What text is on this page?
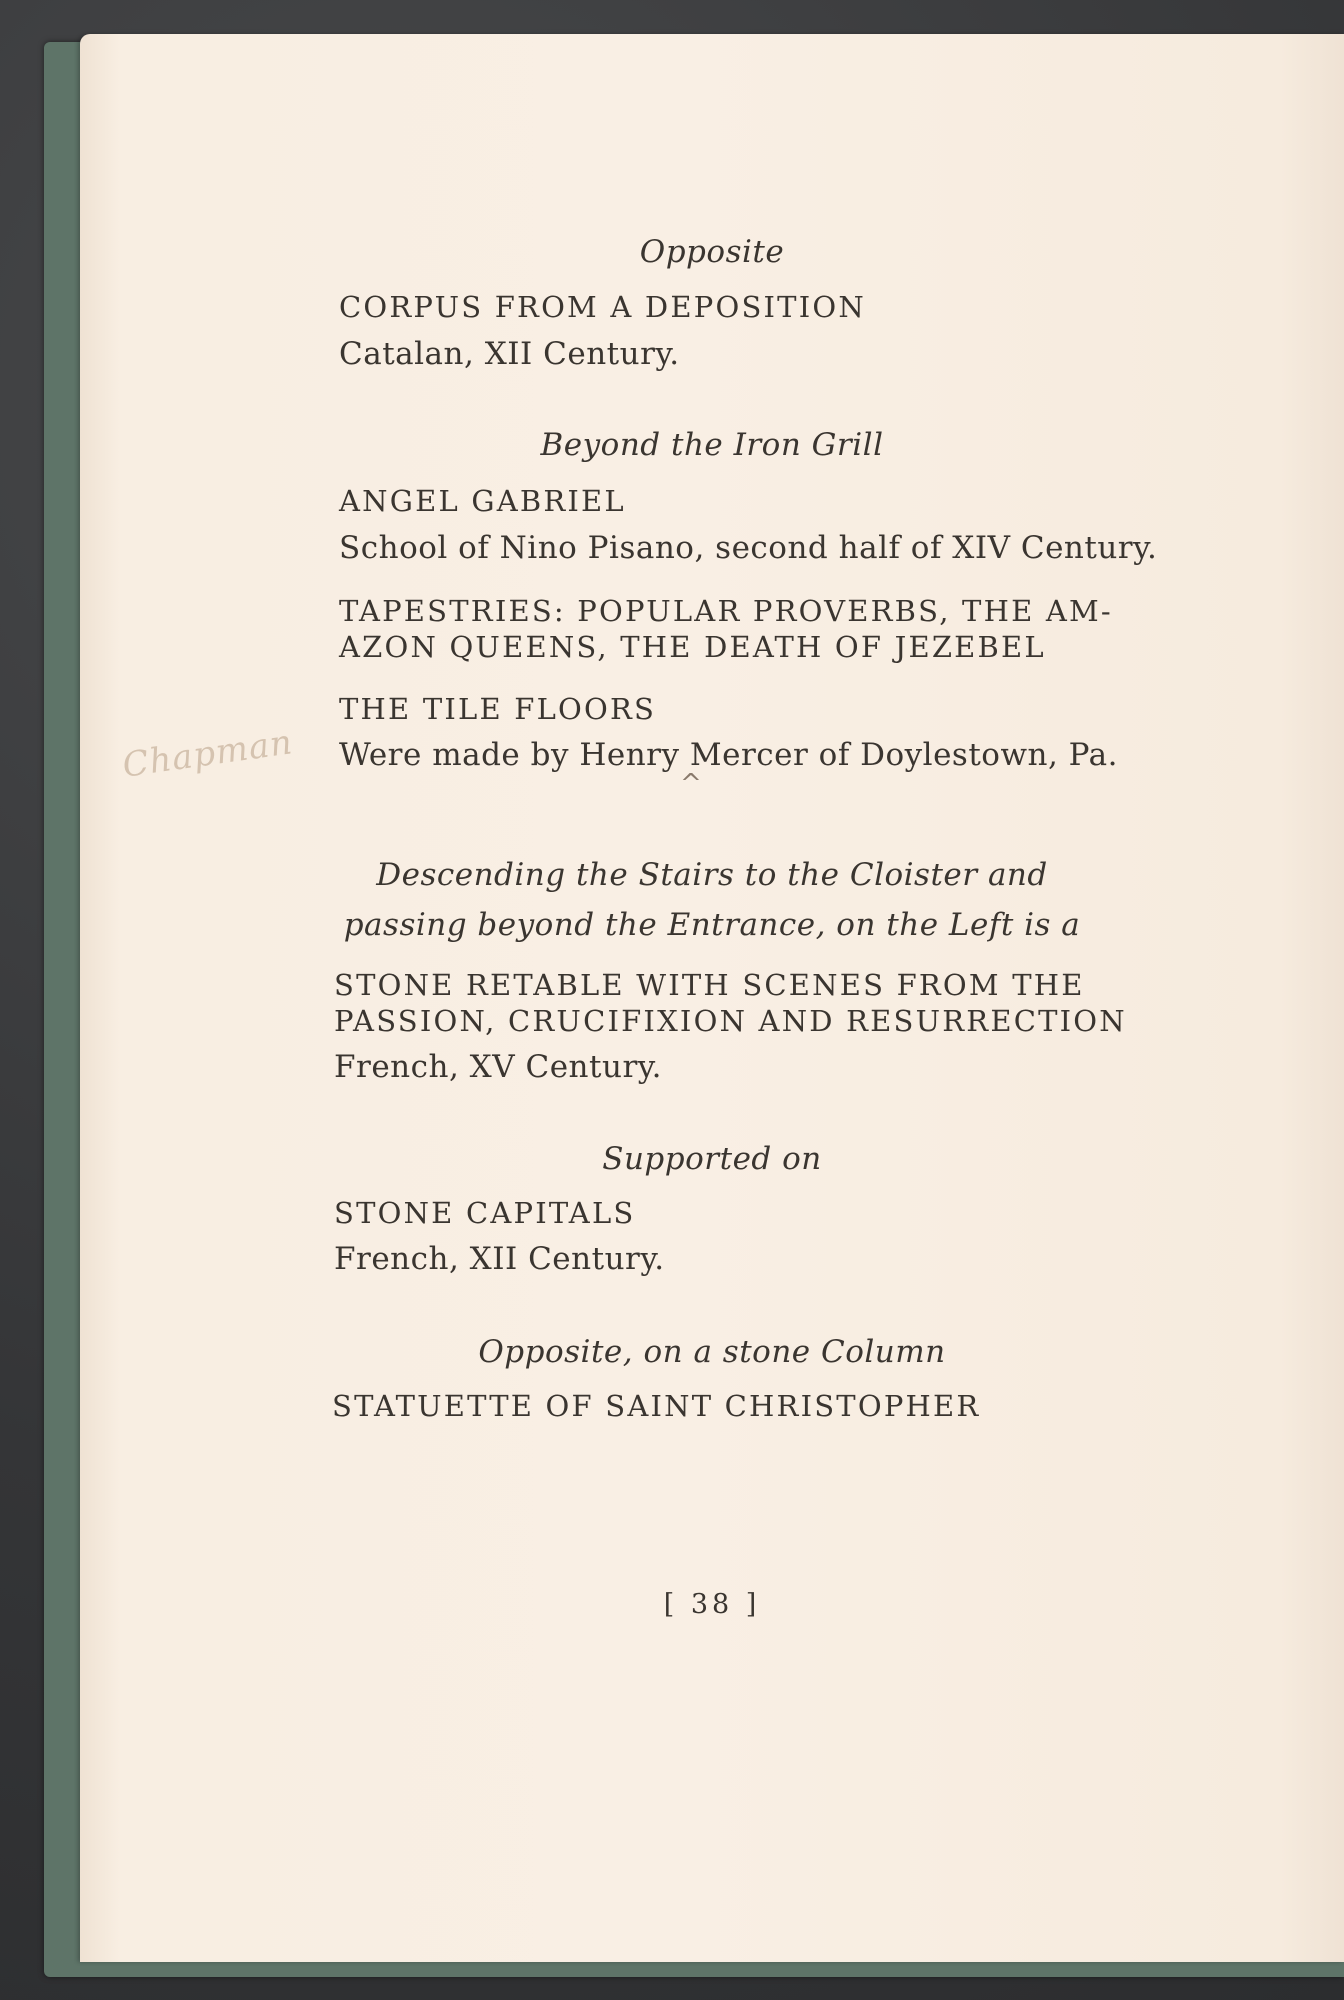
Opposite
CORPUS FROM A DEPOSITION
Catalan, XII Century.
Beyond the Iron Grill
ANGEL GABRIEL
School of Nino Pisano, second half of XIV Century.
TAPESTRIES: POPULAR PROVERBS, THE AM-
AZON QUEENS, THE DEATH OF JEZEBEL
THE TILE FLOORS
Were made by Henry Mercer of Doylestown, Pa.
Chapman	^
Descending the Stairs to the Cloister and
passing beyond the Entrance, on the Left is a
STONE RETABLE WITH SCENES FROM THE
PASSION, CRUCIFIXION AND RESURRECTION
French, XV Century.
Supported on
STONE CAPITALS
French, XII Century.
Opposite, on a stone Column
STATUETTE OF SAINT CHRISTOPHER
[ 38 ]
